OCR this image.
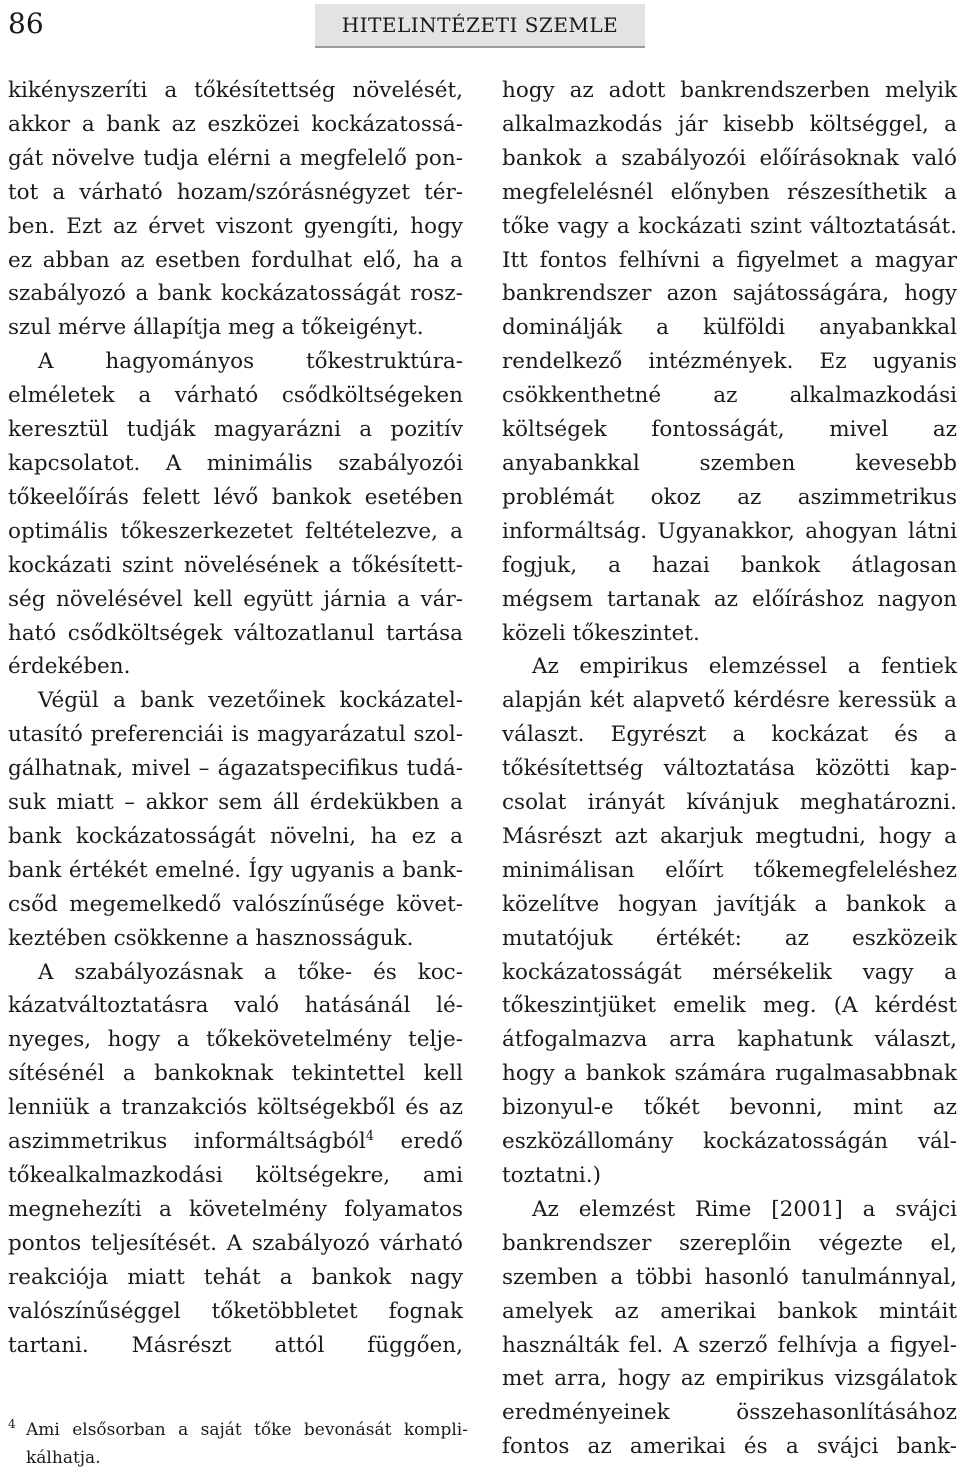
86	HITELINTÉZETI SZEMLE

kikényszeríti a tőkésítettség növelését, akkor a bank az eszközei kockázatosságát növelve tudja elérni a megfelelő pontot a várható hozam/szórásnégyzet térben. Ezt az érvet viszont gyengíti, hogy ez abban az esetben fordulhat elő, ha a szabályozó a bank kockázatosságát roszszul mérve állapítja meg a tőkeigényt.

A hagyományos tőkestruktúra-elméletek a várható csődköltségeken keresztül tudják magyarázni a pozitív kapcsolatot. A minimális szabályozói tőkeelőírás felett lévő bankok esetében optimális tőkeszerkezetet feltételezve, a kockázati szint növelésének a tőkésítettség növelésével kell együtt járnia a várható csődköltségek változatlanul tartása érdekében.

Végül a bank vezetőinek kockázatelutasító preferenciái is magyarázatul szolgálhatnak, mivel – ágazatspecifikus tudásuk miatt – akkor sem áll érdekükben a bank kockázatosságát növelni, ha ez a bank értékét emelné. Így ugyanis a bankcsőd megemelkedő valószínűsége következtében csökkenne a hasznosságuk.

A szabályozásnak a tőke- és kockázatváltoztatásra való hatásánál lényeges, hogy a tőkekövetelmény teljesítésénél a bankoknak tekintettel kell lenniük a tranzakciós költségekből és az aszimmetrikus informáltságból$^4$ eredő tőkealkalmazkodási költségekre, ami megnehezíti a követelmény folyamatos pontos teljesítését. A szabályozó várható reakciója miatt tehát a bankok nagy valószínűséggel tőketöbbletet fognak tartani. Másrészt attól függően,

hogy az adott bankrendszerben melyik alkalmazkodás jár kisebb költséggel, a bankok a szabályozói előírásoknak való megfelelésnél előnyben részesíthetik a tőke vagy a kockázati szint változtatását. Itt fontos felhívni a figyelmet a magyar bankrendszer azon sajátosságára, hogy dominálják a külföldi anyabankkal rendelkező intézmények. Ez ugyanis csökkenthetné az alkalmazkodási költségek fontosságát, mivel az anyabankkal szemben kevesebb problémát okoz az aszimmetrikus informáltság. Ugyanakkor, ahogyan látni fogjuk, a hazai bankok átlagosan mégsem tartanak az előíráshoz nagyon közeli tőkeszintet.

Az empirikus elemzéssel a fentiek alapján két alapvető kérdésre keressük a választ. Egyrészt a kockázat és a tőkésítettség változtatása közötti kapcsolat irányát kívánjuk meghatározni. Másrészt azt akarjuk megtudni, hogy a minimálisan előírt tőkemegfeleléshez közelítve hogyan javítják a bankok a mutatójuk értékét: az eszközeik kockázatosságát mérsékelik vagy a tőkeszintjüket emelik meg. (A kérdést átfogalmazva arra kaphatunk választ, hogy a bankok számára rugalmasabbnak bizonyul-e tőkét bevonni, mint az eszközállomány kockázatosságán változtatni.)

Az elemzést Rime [2001] a svájci bankrendszer szereplőin végezte el, szemben a többi hasonló tanulmánnyal, amelyek az amerikai bankok mintáit használták fel. A szerző felhívja a figyelmet arra, hogy az empirikus vizsgálatok eredményeinek összehasonlításához fontos az amerikai és a svájci bank-

4 Ami elsősorban a saját tőke bevonását komplikálhatja.
